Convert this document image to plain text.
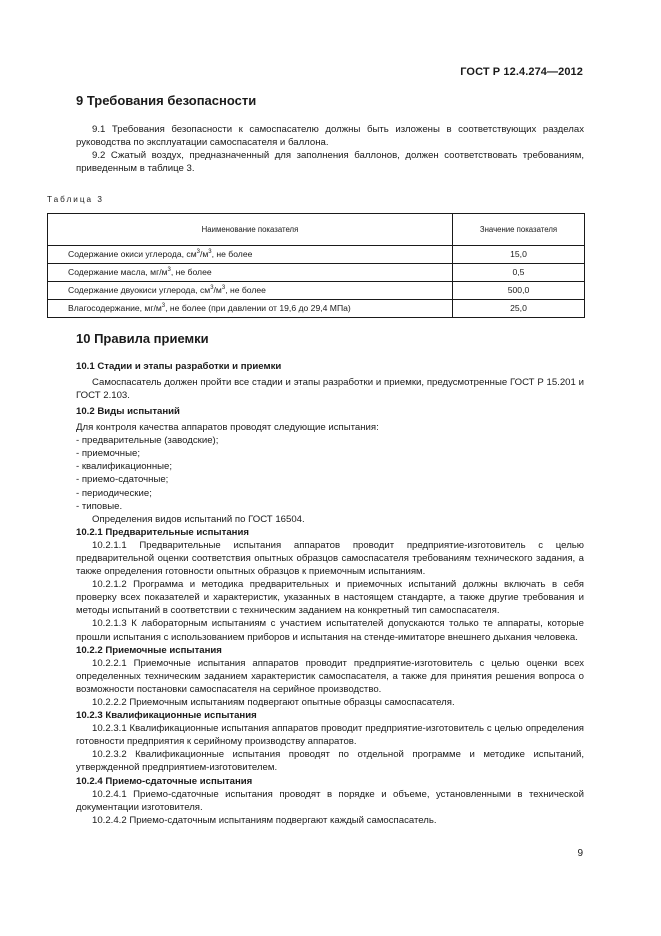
ГОСТ Р 12.4.274—2012
9 Требования безопасности

9.1 Требования безопасности к самоспасателю должны быть изложены в соответствующих разделах руководства по эксплуатации самоспасателя и баллона.

9.2 Сжатый воздух, предназначенный для заполнения баллонов, должен соответствовать требованиям, приведенным в таблице 3.

Таблица 3
Наименование показателя	Значение показателя
Содержание окиси углерода, $см^3/м^3$, не более	15,0
Содержание масла, $мг/м^3$, не более	0,5
Содержание двуокиси углерода, $см^3/м^3$, не более	500,0
Влагосодержание, $мг/м^3$, не более (при давлении от 19,6 до 29,4 МПа)	25,0
10 Правила приемки

10.1 Стадии и этапы разработки и приемки

Самоспасатель должен пройти все стадии и этапы разработки и приемки, предусмотренные ГОСТ Р 15.201 и ГОСТ 2.103.

10.2 Виды испытаний

Для контроля качества аппаратов проводят следующие испытания:

- предварительные (заводские);
- приемочные;
- квалификационные;
- приемо-сдаточные;
- периодические;
- типовые.

Определения видов испытаний по ГОСТ 16504.

10.2.1 Предварительные испытания

10.2.1.1 Предварительные испытания аппаратов проводит предприятие-изготовитель с целью предварительной оценки соответствия опытных образцов самоспасателя требованиям технического задания, а также определения готовности опытных образцов к приемочным испытаниям.

10.2.1.2 Программа и методика предварительных и приемочных испытаний должны включать в себя проверку всех показателей и характеристик, указанных в настоящем стандарте, а также другие требования и методы испытаний в соответствии с техническим заданием на конкретный тип самоспасателя.

10.2.1.3 К лабораторным испытаниям с участием испытателей допускаются только те аппараты, которые прошли испытания с использованием приборов и испытания на стенде-имитаторе внешнего дыхания человека.

10.2.2 Приемочные испытания

10.2.2.1 Приемочные испытания аппаратов проводит предприятие-изготовитель с целью оценки всех определенных техническим заданием характеристик самоспасателя, а также для принятия решения вопроса о возможности постановки самоспасателя на серийное производство.

10.2.2.2 Приемочным испытаниям подвергают опытные образцы самоспасателя.

10.2.3 Квалификационные испытания

10.2.3.1 Квалификационные испытания аппаратов проводит предприятие-изготовитель с целью определения готовности предприятия к серийному производству аппаратов.

10.2.3.2 Квалификационные испытания проводят по отдельной программе и методике испытаний, утвержденной предприятием-изготовителем.

10.2.4 Приемо-сдаточные испытания

10.2.4.1 Приемо-сдаточные испытания проводят в порядке и объеме, установленными в технической документации изготовителя.

10.2.4.2 Приемо-сдаточным испытаниям подвергают каждый самоспасатель.

9
